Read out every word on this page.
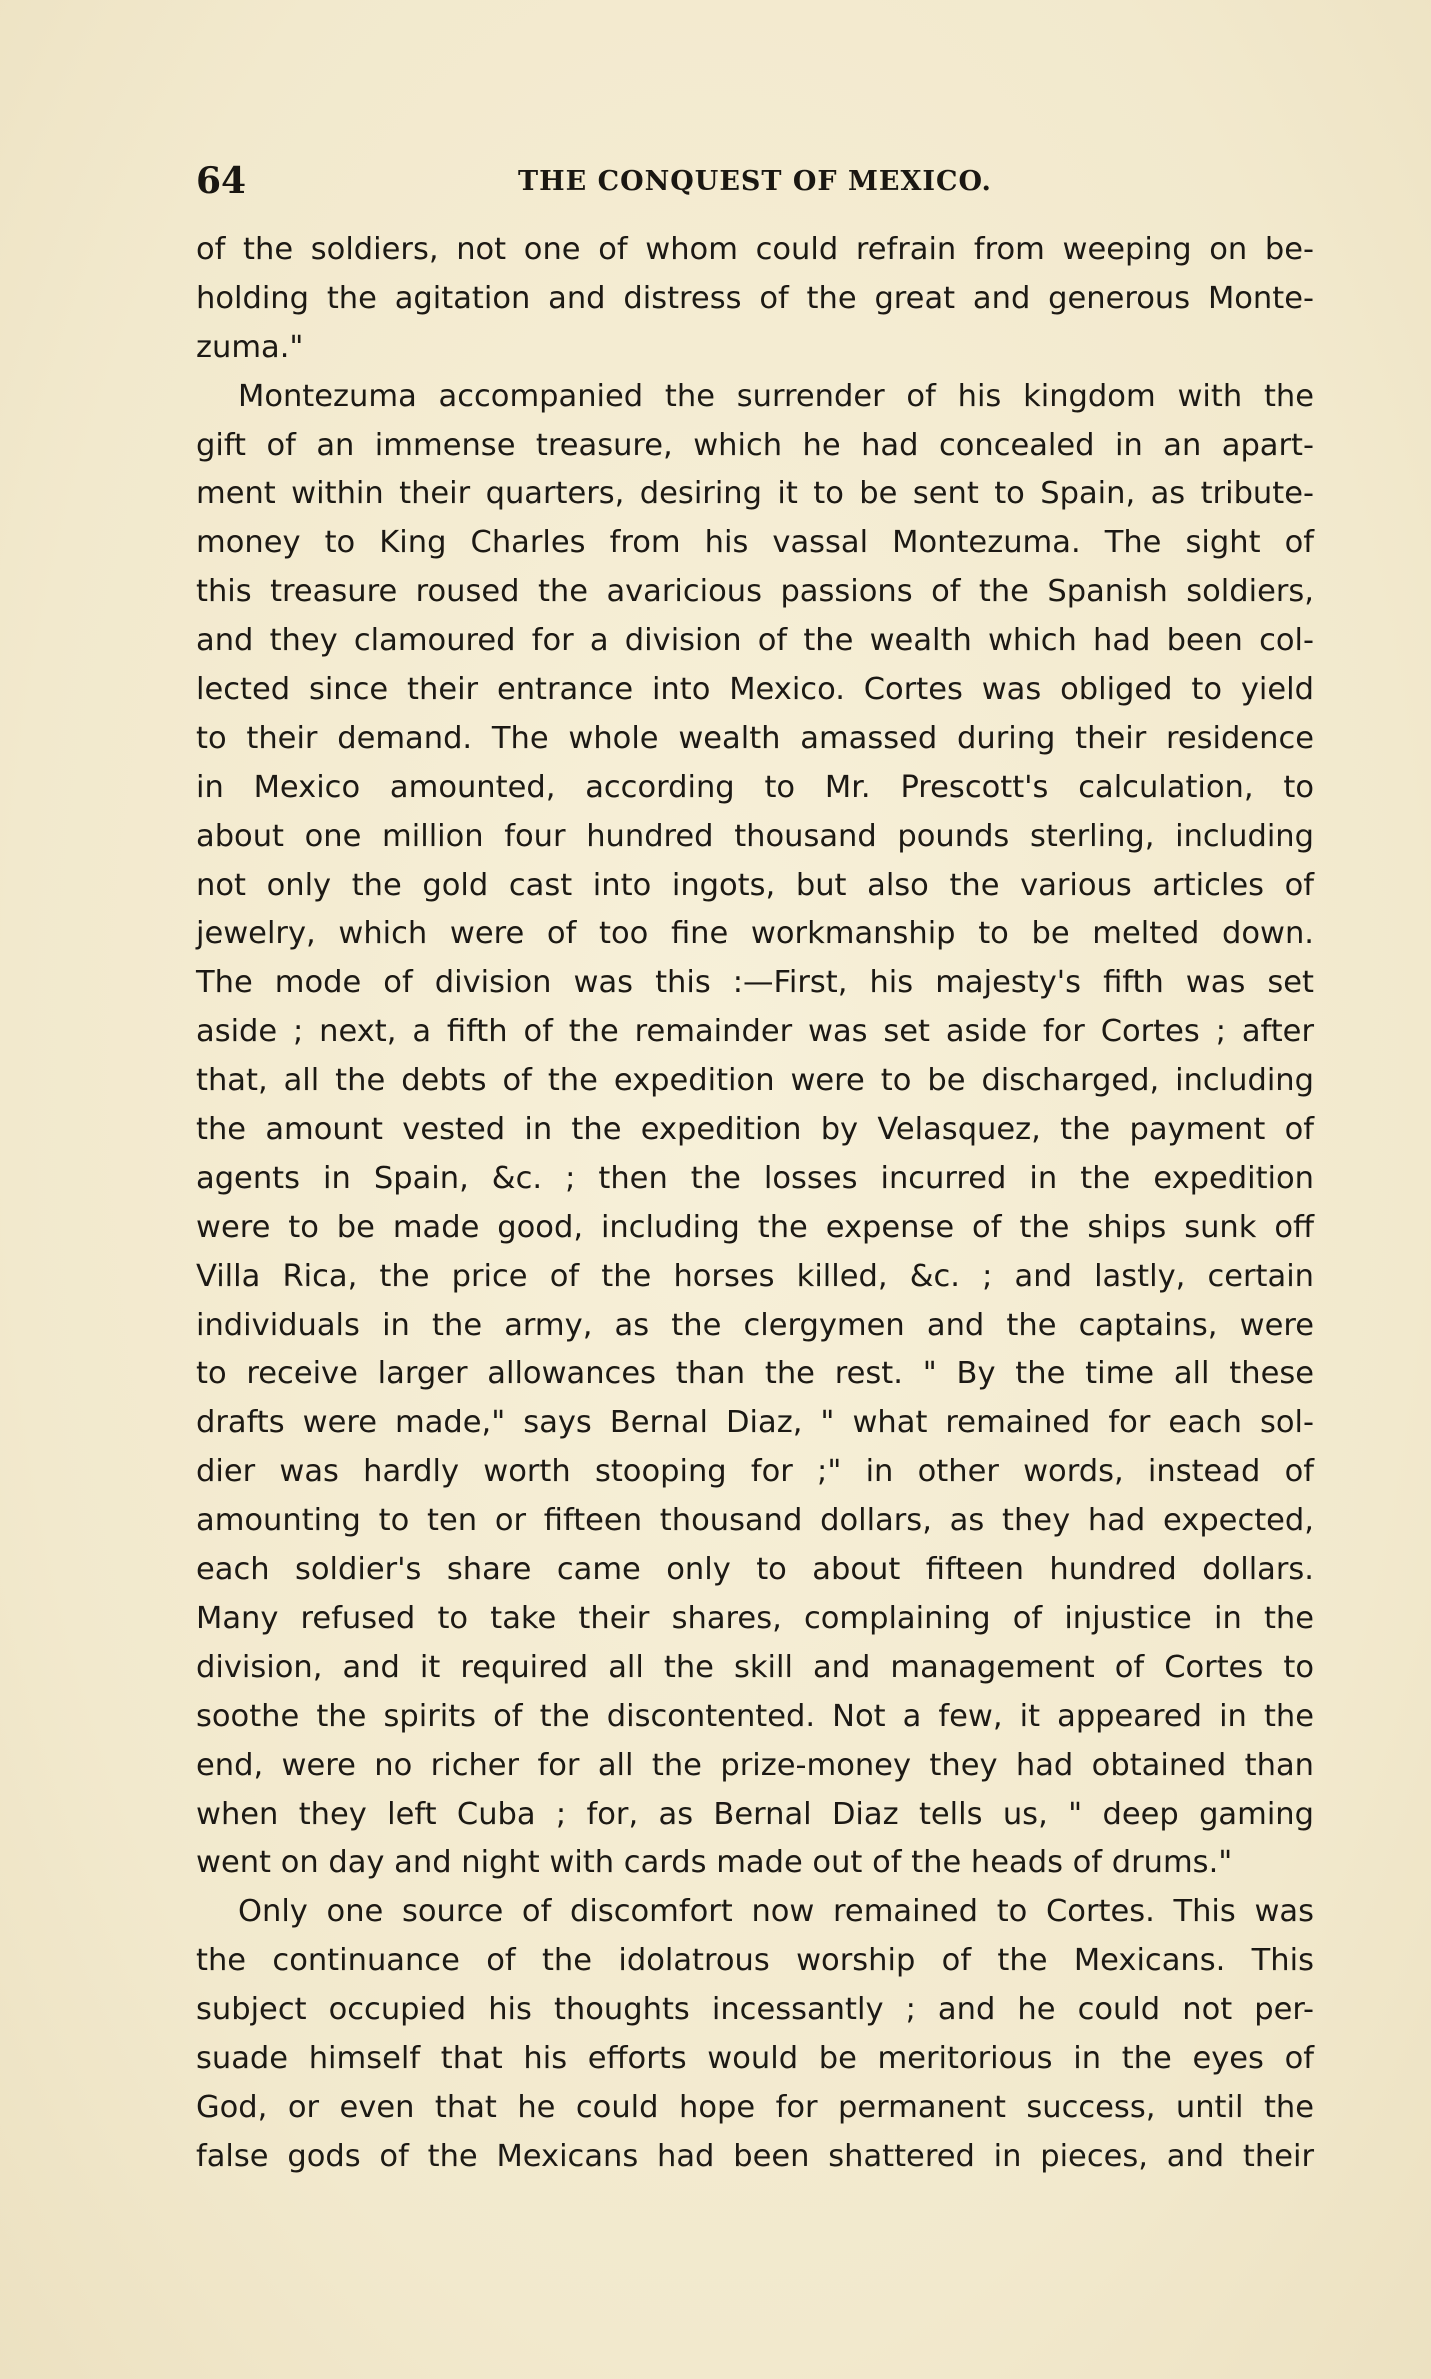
64	THE CONQUEST OF MEXICO.
of the soldiers, not one of whom could refrain from weeping on be-
holding the agitation and distress of the great and generous Monte-
zuma."
Montezuma accompanied the surrender of his kingdom with the
gift of an immense treasure, which he had concealed in an apart-
ment within their quarters, desiring it to be sent to Spain, as tribute-
money to King Charles from his vassal Montezuma. The sight of
this treasure roused the avaricious passions of the Spanish soldiers,
and they clamoured for a division of the wealth which had been col-
lected since their entrance into Mexico. Cortes was obliged to yield
to their demand. The whole wealth amassed during their residence
in Mexico amounted, according to Mr. Prescott's calculation, to
about one million four hundred thousand pounds sterling, including
not only the gold cast into ingots, but also the various articles of
jewelry, which were of too fine workmanship to be melted down.
The mode of division was this :—First, his majesty's fifth was set
aside ; next, a fifth of the remainder was set aside for Cortes ; after
that, all the debts of the expedition were to be discharged, including
the amount vested in the expedition by Velasquez, the payment of
agents in Spain, &c. ; then the losses incurred in the expedition
were to be made good, including the expense of the ships sunk off
Villa Rica, the price of the horses killed, &c. ; and lastly, certain
individuals in the army, as the clergymen and the captains, were
to receive larger allowances than the rest. " By the time all these
drafts were made," says Bernal Diaz, " what remained for each sol-
dier was hardly worth stooping for ;" in other words, instead of
amounting to ten or fifteen thousand dollars, as they had expected,
each soldier's share came only to about fifteen hundred dollars.
Many refused to take their shares, complaining of injustice in the
division, and it required all the skill and management of Cortes to
soothe the spirits of the discontented. Not a few, it appeared in the
end, were no richer for all the prize-money they had obtained than
when they left Cuba ; for, as Bernal Diaz tells us, " deep gaming
went on day and night with cards made out of the heads of drums."
Only one source of discomfort now remained to Cortes. This was
the continuance of the idolatrous worship of the Mexicans. This
subject occupied his thoughts incessantly ; and he could not per-
suade himself that his efforts would be meritorious in the eyes of
God, or even that he could hope for permanent success, until the
false gods of the Mexicans had been shattered in pieces, and their
